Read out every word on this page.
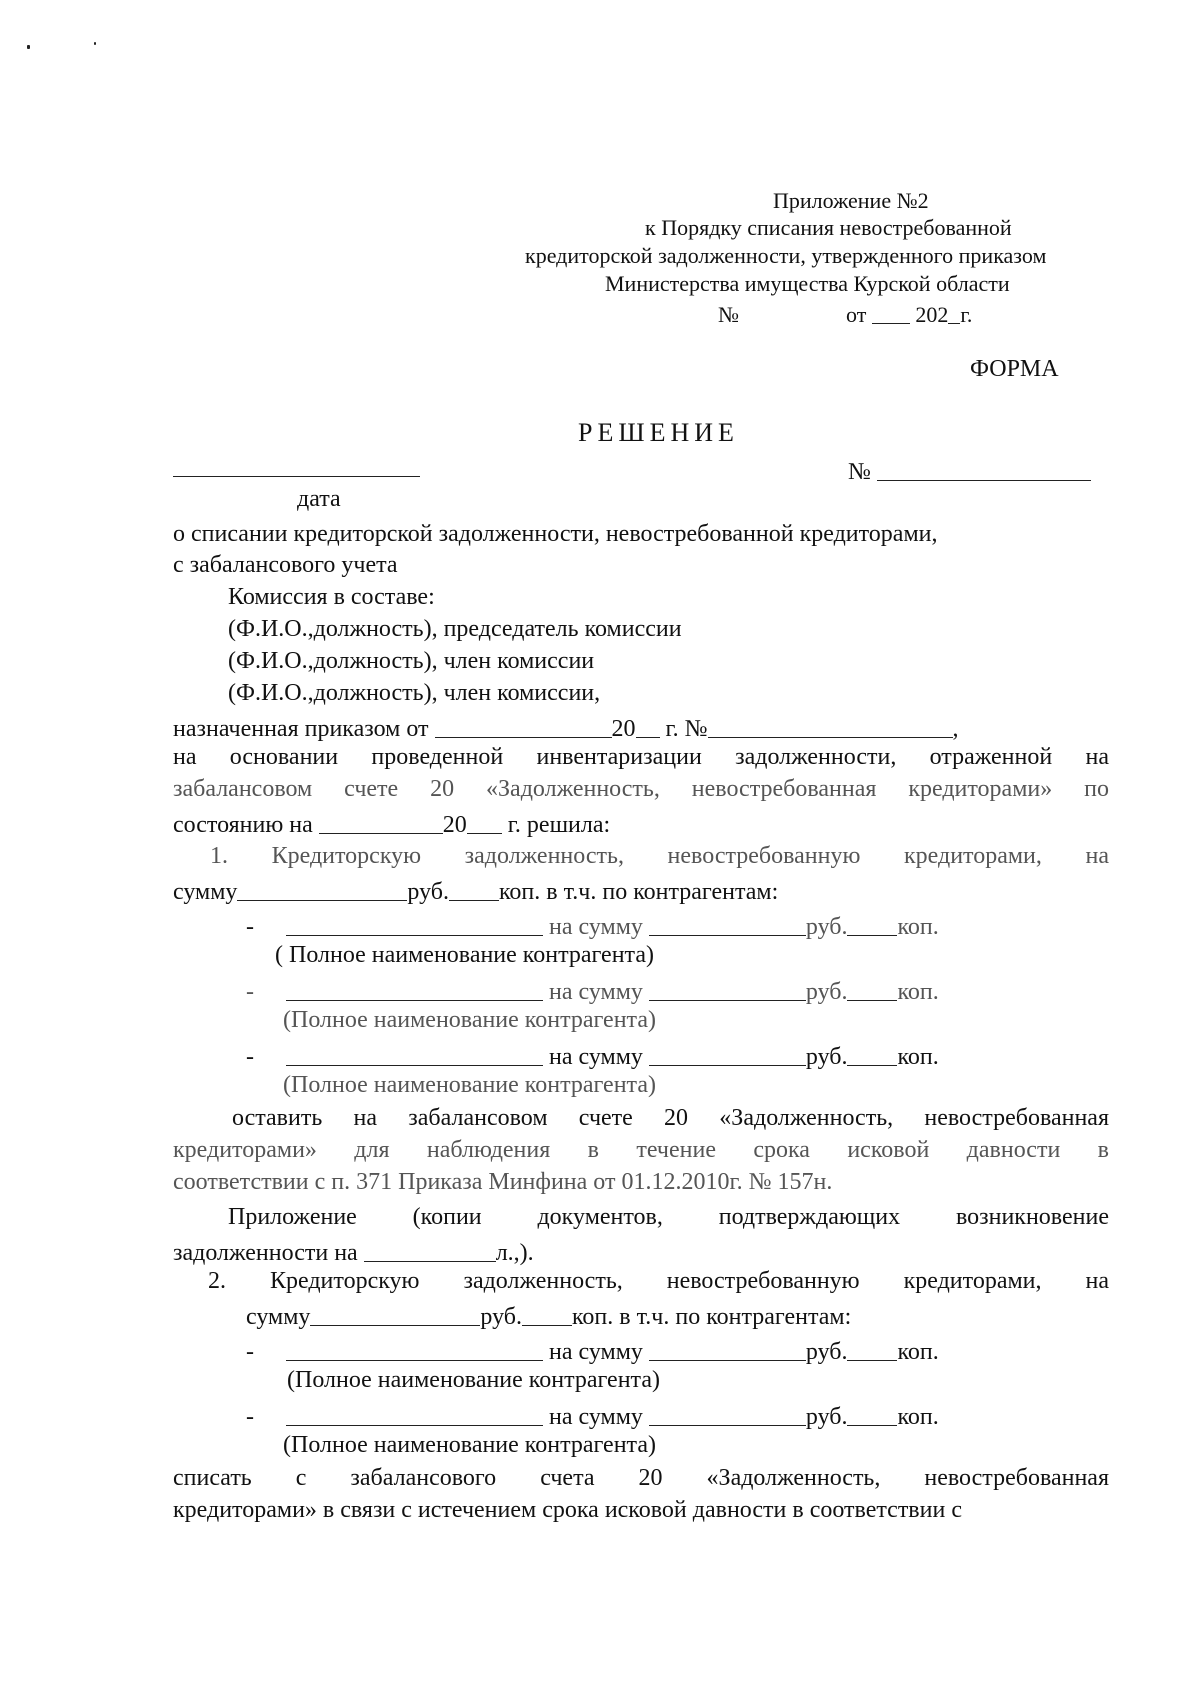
Приложение №2
к Порядку списания невостребованной
кредиторской задолженности, утвержденного приказом
Министерства имущества Курской области
№	от 202 г.
ФОРМА
РЕШЕНИЕ
№
дата
о списании кредиторской задолженности, невостребованной кредиторами,
с забалансового учета
Комиссия в составе:
(Ф.И.О.,должность), председатель комиссии
(Ф.И.О.,должность), член комиссии
(Ф.И.О.,должность), член комиссии,
назначенная приказом от	20 г. №	,
на основании проведенной инвентаризации задолженности, отраженной на
забалансовом счете 20 «Задолженность, невостребованная кредиторами» по
состоянию на	20 г. решила:
1. Кредиторскую задолженность, невостребованную кредиторами, на
сумму	руб. коп. в т.ч. по контрагентам:
-	на сумму	руб. коп.
( Полное наименование контрагента)
-	на сумму	руб. коп.
(Полное наименование контрагента)
-	на сумму	руб. коп.
(Полное наименование контрагента)
оставить на забалансовом счете 20 «Задолженность, невостребованная
кредиторами» для наблюдения в течение срока исковой давности в
соответствии с п. 371 Приказа Минфина от 01.12.2010г. № 157н.
Приложение (копии документов, подтверждающих возникновение
задолженности на	л.,).
2. Кредиторскую задолженность, невостребованную кредиторами, на
сумму	руб. коп. в т.ч. по контрагентам:
-	на сумму	руб. коп.
(Полное наименование контрагента)
-	на сумму	руб. коп.
(Полное наименование контрагента)
списать с забалансового счета 20 «Задолженность, невостребованная
кредиторами» в связи с истечением срока исковой давности в соответствии с
